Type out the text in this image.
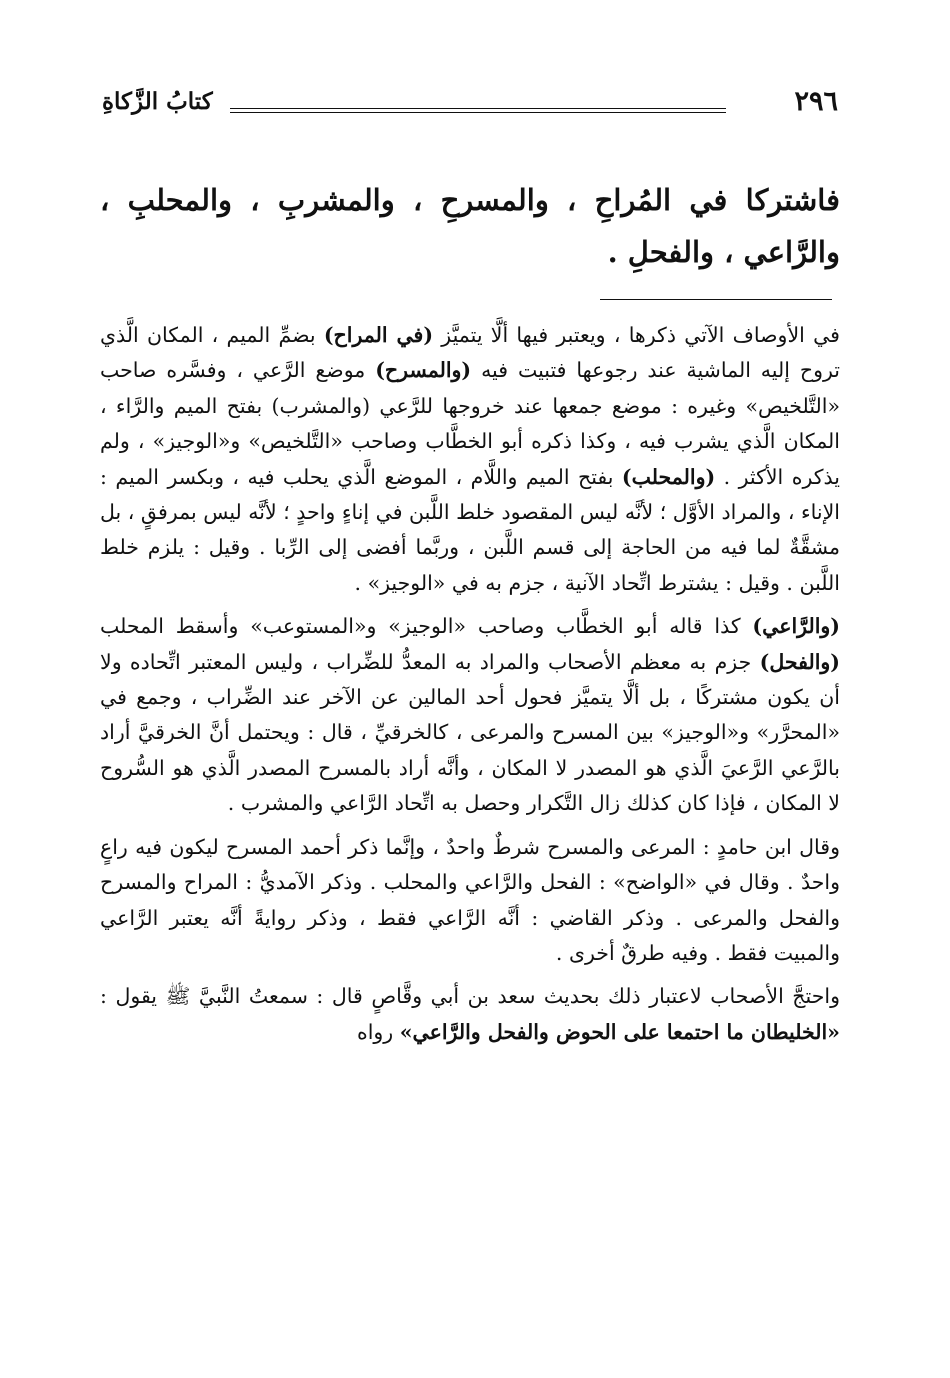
٢٩٦
كتابُ الزَّكاةِ

فاشتركا في المُراحِ ، والمسرحِ ، والمشربِ ، والمحلبِ ، والرَّاعي ، والفحلِ .

في الأوصاف الآتي ذكرها ، ويعتبر فيها ألَّا يتميَّز (في المراح) بضمِّ الميم ، المكان الَّذي تروح إليه الماشية عند رجوعها فتبيت فيه (والمسرح) موضع الرَّعي ، وفسَّره صاحب «التَّلخيص» وغيره : موضع جمعها عند خروجها للرَّعي (والمشرب) بفتح الميم والرَّاء ، المكان الَّذي يشرب فيه ، وكذا ذكره أبو الخطَّاب وصاحب «التَّلخيص» و«الوجيز» ، ولم يذكره الأكثر . (والمحلب) بفتح الميم واللَّام ، الموضع الَّذي يحلب فيه ، وبكسر الميم : الإناء ، والمراد الأوَّل ؛ لأنَّه ليس المقصود خلط اللَّبن في إناءٍ واحدٍ ؛ لأنَّه ليس بمرفقٍ ، بل مشقَّةٌ لما فيه من الحاجة إلى قسم اللَّبن ، وربَّما أفضى إلى الرِّبا . وقيل : يلزم خلط اللَّبن . وقيل : يشترط اتِّحاد الآنية ، جزم به في «الوجيز» .

(والرَّاعي) كذا قاله أبو الخطَّاب وصاحب «الوجيز» و«المستوعب» وأسقط المحلب (والفحل) جزم به معظم الأصحاب والمراد به المعدُّ للضِّراب ، وليس المعتبر اتِّحاده ولا أن يكون مشتركًا ، بل ألَّا يتميَّز فحول أحد المالين عن الآخر عند الضِّراب ، وجمع في «المحرَّر» و«الوجيز» بين المسرح والمرعى ، كالخرقيِّ ، قال : ويحتمل أنَّ الخرقيَّ أراد بالرَّعي الرَّعيَ الَّذي هو المصدر لا المكان ، وأنَّه أراد بالمسرح المصدر الَّذي هو السُّروح لا المكان ، فإذا كان كذلك زال التَّكرار وحصل به اتِّحاد الرَّاعي والمشرب .

وقال ابن حامدٍ : المرعى والمسرح شرطٌ واحدٌ ، وإنَّما ذكر أحمد المسرح ليكون فيه راعٍ واحدٌ . وقال في «الواضح» : الفحل والرَّاعي والمحلب . وذكر الآمديُّ : المراح والمسرح والفحل والمرعى . وذكر القاضي : أنَّه الرَّاعي فقط ، وذكر روايةً أنَّه يعتبر الرَّاعي والمبيت فقط . وفيه طرقٌ أخرى .

واحتجَّ الأصحاب لاعتبار ذلك بحديث سعد بن أبي وقَّاصٍ قال : سمعتُ النَّبيَّ ﷺ يقول : «الخليطان ما احتمعا على الحوض والفحل والرَّاعي» رواه
